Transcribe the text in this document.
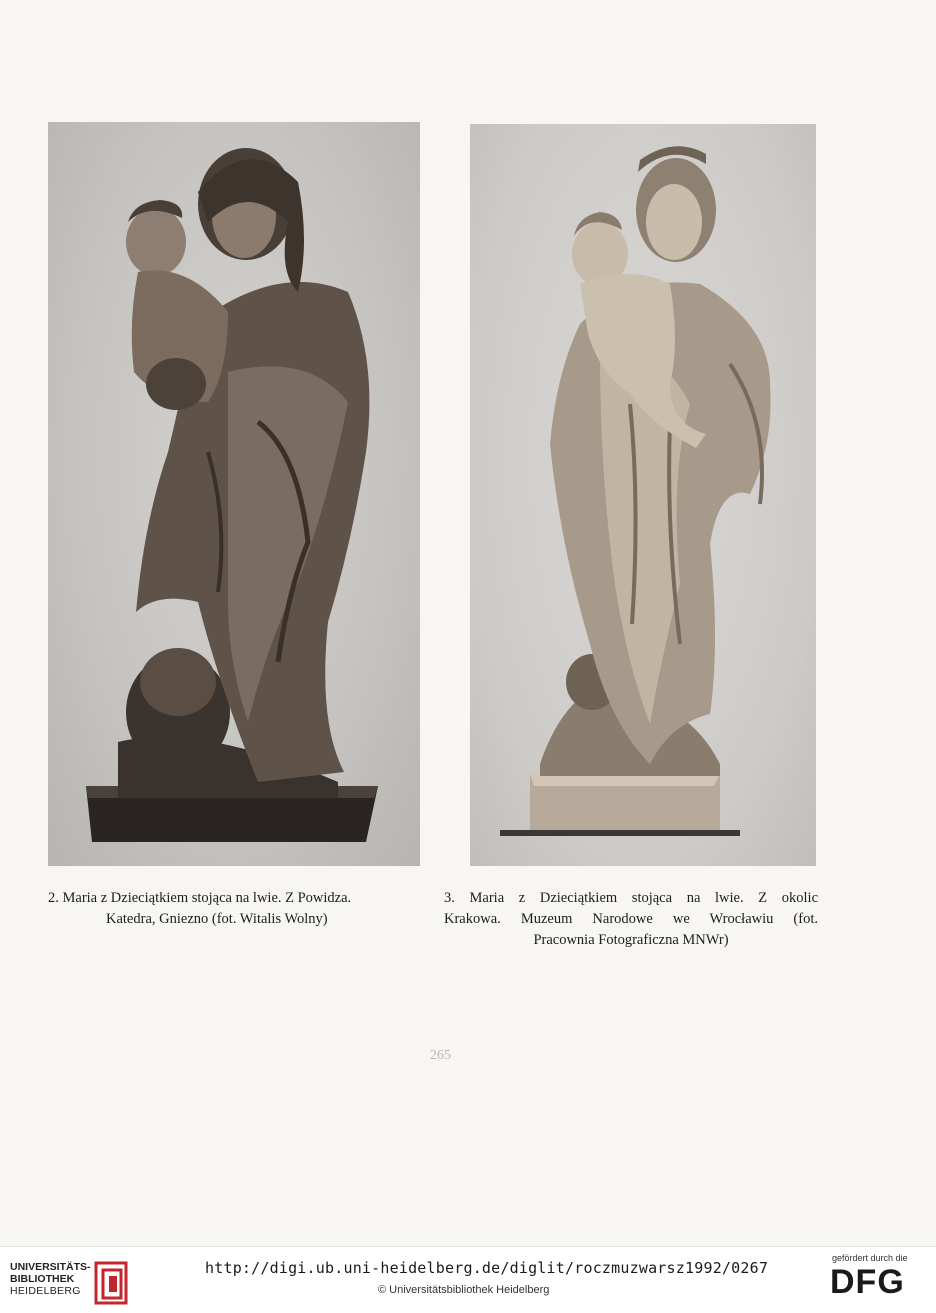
2. Maria z Dzieciątkiem stojąca na lwie. Z Powidza.
Katedra, Gniezno (fot. Witalis Wolny)
3. Maria z Dzieciątkiem stojąca na lwie. Z okolic
Krakowa. Muzeum Narodowe we Wrocławiu (fot.
Pracownia Fotograficzna MNWr)
265
UNIVERSITÄTS-
BIBLIOTHEK
HEIDELBERG
http://digi.ub.uni-heidelberg.de/diglit/roczmuzwarsz1992/0267
© Universitätsbibliothek Heidelberg
gefördert durch die
DFG
